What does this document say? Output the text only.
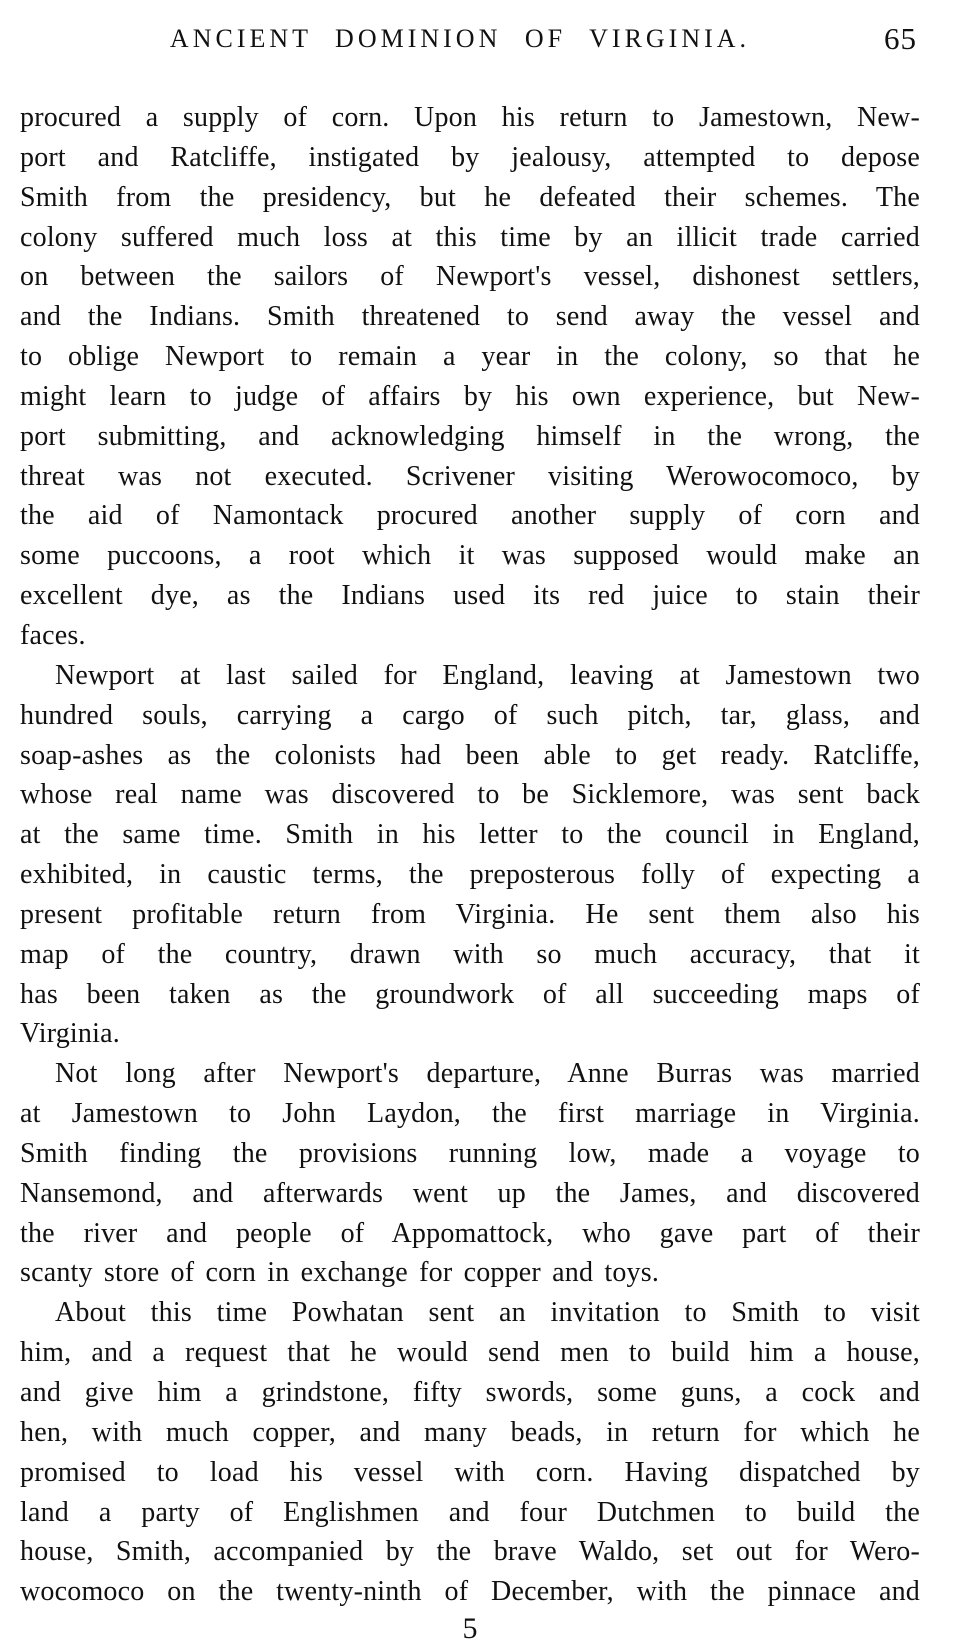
ANCIENT DOMINION OF VIRGINIA.	65
procured a supply of corn. Upon his return to Jamestown, New-
port and Ratcliffe, instigated by jealousy, attempted to depose
Smith from the presidency, but he defeated their schemes. The
colony suffered much loss at this time by an illicit trade carried
on between the sailors of Newport's vessel, dishonest settlers,
and the Indians. Smith threatened to send away the vessel and
to oblige Newport to remain a year in the colony, so that he
might learn to judge of affairs by his own experience, but New-
port submitting, and acknowledging himself in the wrong, the
threat was not executed. Scrivener visiting Werowocomoco, by
the aid of Namontack procured another supply of corn and
some puccoons, a root which it was supposed would make an
excellent dye, as the Indians used its red juice to stain their
faces.
Newport at last sailed for England, leaving at Jamestown two
hundred souls, carrying a cargo of such pitch, tar, glass, and
soap-ashes as the colonists had been able to get ready. Ratcliffe,
whose real name was discovered to be Sicklemore, was sent back
at the same time. Smith in his letter to the council in England,
exhibited, in caustic terms, the preposterous folly of expecting a
present profitable return from Virginia. He sent them also his
map of the country, drawn with so much accuracy, that it
has been taken as the groundwork of all succeeding maps of
Virginia.
Not long after Newport's departure, Anne Burras was married
at Jamestown to John Laydon, the first marriage in Virginia.
Smith finding the provisions running low, made a voyage to
Nansemond, and afterwards went up the James, and discovered
the river and people of Appomattock, who gave part of their
scanty store of corn in exchange for copper and toys.
About this time Powhatan sent an invitation to Smith to visit
him, and a request that he would send men to build him a house,
and give him a grindstone, fifty swords, some guns, a cock and
hen, with much copper, and many beads, in return for which he
promised to load his vessel with corn. Having dispatched by
land a party of Englishmen and four Dutchmen to build the
house, Smith, accompanied by the brave Waldo, set out for Wero-
wocomoco on the twenty-ninth of December, with the pinnace and
5
